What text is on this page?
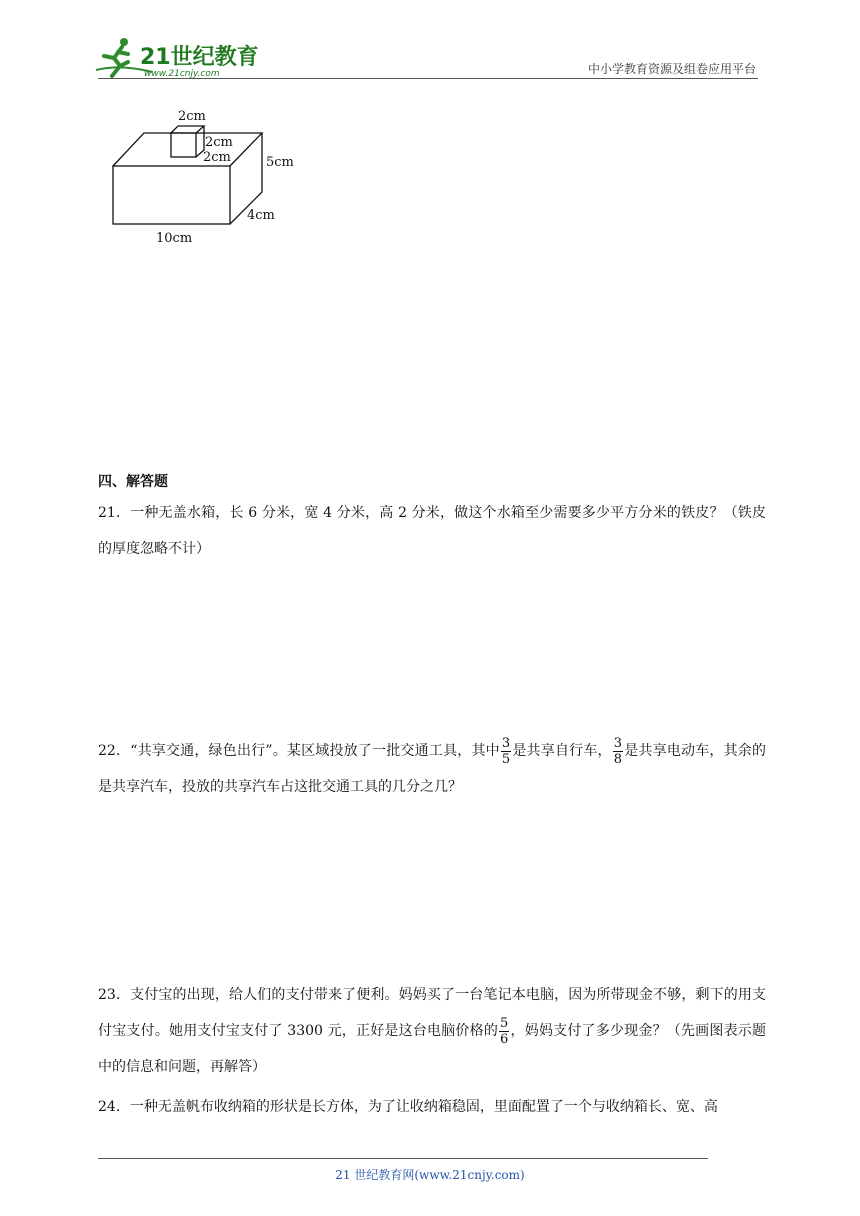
21世纪教育
www.21cnjy.com	中小学教育资源及组卷应用平台
2cm
2cm
2cm	5cm
4cm
10cm
四、解答题
21．一种无盖水箱，长 6 分米，宽 4 分米，高 2 分米，做这个水箱至少需要多少平方分米的铁皮？（铁皮的厚度忽略不计）
22．“共享交通，绿色出行”。某区域投放了一批交通工具，其中 $\frac{3}{5}$ 是共享自行车， $\frac{3}{8}$ 是共享电动车，其余的是共享汽车，投放的共享汽车占这批交通工具的几分之几？
23．支付宝的出现，给人们的支付带来了便利。妈妈买了一台笔记本电脑，因为所带现金不够，剩下的用支付宝支付。她用支付宝支付了 3300 元，正好是这台电脑价格的 $\frac{5}{6}$ ，妈妈支付了多少现金？（先画图表示题中的信息和问题，再解答）
24．一种无盖帆布收纳箱的形状是长方体，为了让收纳箱稳固，里面配置了一个与收纳箱长、宽、高
21 世纪教育网(www.21cnjy.com)
